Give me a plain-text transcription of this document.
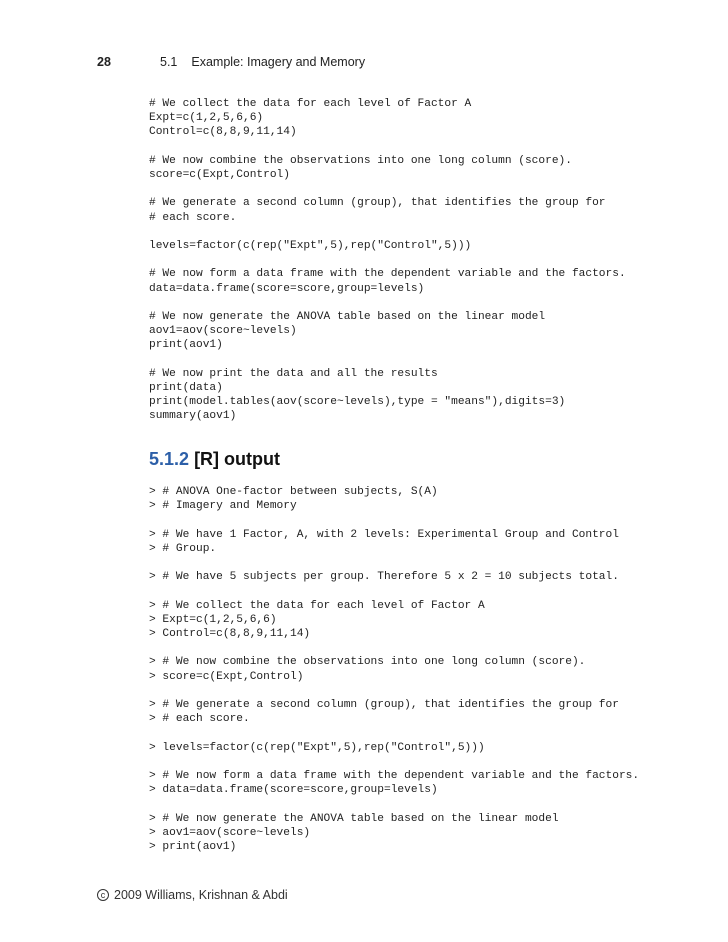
28	5.1 Example: Imagery and Memory
# We collect the data for each level of Factor A
Expt=c(1,2,5,6,6)
Control=c(8,8,9,11,14)

# We now combine the observations into one long column (score).
score=c(Expt,Control)

# We generate a second column (group), that identifies the group for
# each score.

levels=factor(c(rep("Expt",5),rep("Control",5)))

# We now form a data frame with the dependent variable and the factors.
data=data.frame(score=score,group=levels)

# We now generate the ANOVA table based on the linear model
aov1=aov(score~levels)
print(aov1)

# We now print the data and all the results
print(data)
print(model.tables(aov(score~levels),type = "means"),digits=3)
summary(aov1)
5.1.2 [R] output
> # ANOVA One-factor between subjects, S(A)
> # Imagery and Memory

> # We have 1 Factor, A, with 2 levels: Experimental Group and Control
> # Group.

> # We have 5 subjects per group. Therefore 5 x 2 = 10 subjects total.

> # We collect the data for each level of Factor A
> Expt=c(1,2,5,6,6)
> Control=c(8,8,9,11,14)

> # We now combine the observations into one long column (score).
> score=c(Expt,Control)

> # We generate a second column (group), that identifies the group for
> # each score.

> levels=factor(c(rep("Expt",5),rep("Control",5)))

> # We now form a data frame with the dependent variable and the factors.
> data=data.frame(score=score,group=levels)

> # We now generate the ANOVA table based on the linear model
> aov1=aov(score~levels)
> print(aov1)
c 2009 Williams, Krishnan & Abdi
